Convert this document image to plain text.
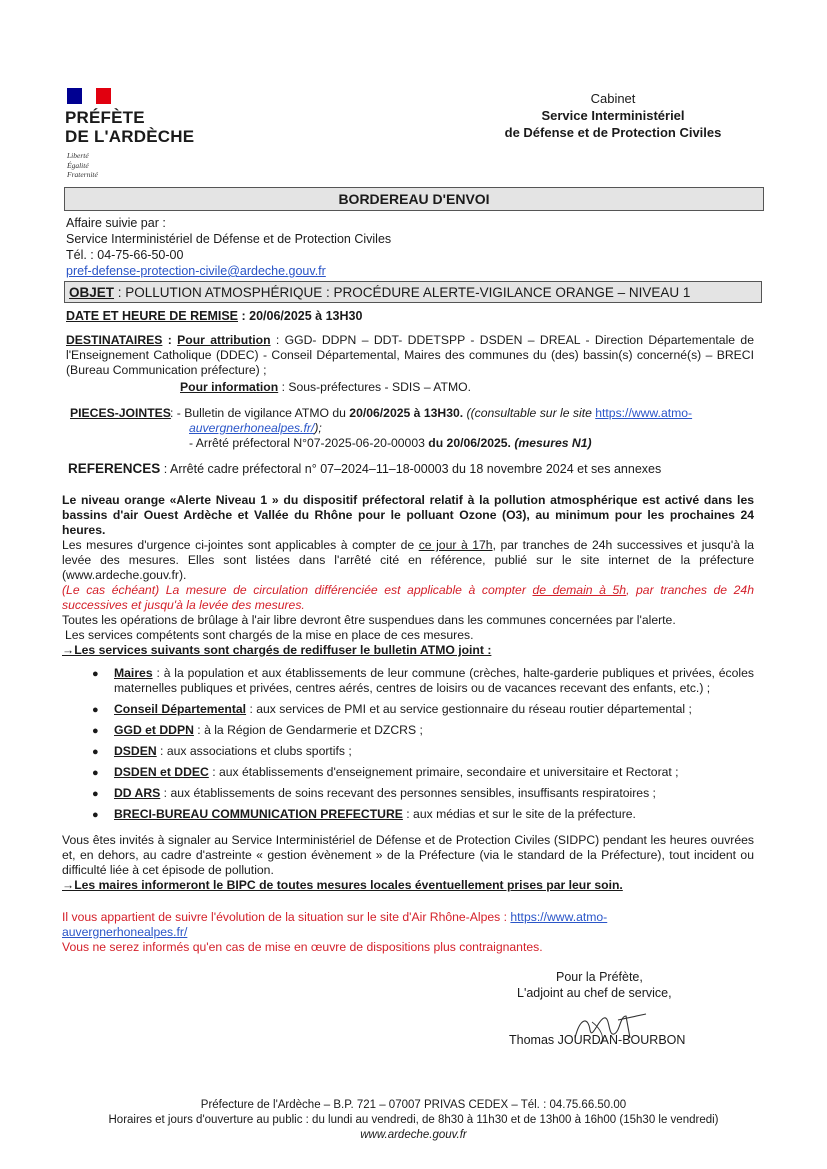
PRÉFÈTE
DE L'ARDÈCHE
Liberté
Égalité
Fraternité
Cabinet
Service Interministériel
de Défense et de Protection Civiles
BORDEREAU D'ENVOI
Affaire suivie par :
Service Interministériel de Défense et de Protection Civiles
Tél. : 04-75-66-50-00
pref-defense-protection-civile@ardeche.gouv.fr
OBJET : POLLUTION ATMOSPHÉRIQUE : PROCÉDURE ALERTE-VIGILANCE ORANGE – NIVEAU 1
DATE ET HEURE DE REMISE : 20/06/2025 à 13H30
DESTINATAIRES : Pour attribution : GGD- DDPN – DDT- DDETSPP - DSDEN – DREAL - Direction Départementale de l'Enseignement Catholique (DDEC) - Conseil Départemental, Maires des communes du (des) bassin(s) concerné(s) – BRECI (Bureau Communication préfecture) ;
Pour information : Sous-préfectures - SDIS – ATMO.
PIECES-JOINTES : - Bulletin de vigilance ATMO du 20/06/2025 à 13H30. ((consultable sur le site https://www.atmo-
auvergnerhonealpes.fr/);
- Arrêté préfectoral N°07-2025-06-20-00003 du 20/06/2025. (mesures N1)
REFERENCES : Arrêté cadre préfectoral n° 07–2024–11–18-00003 du 18 novembre 2024 et ses annexes
Le niveau orange «Alerte Niveau 1 » du dispositif préfectoral relatif à la pollution atmosphérique est activé dans les bassins d'air Ouest Ardèche et Vallée du Rhône pour le polluant Ozone (O3), au minimum pour les prochaines 24 heures.
Les mesures d'urgence ci-jointes sont applicables à compter de ce jour à 17h, par tranches de 24h successives et jusqu'à la levée des mesures. Elles sont listées dans l'arrêté cité en référence, publié sur le site internet de la préfecture (www.ardeche.gouv.fr).
(Le cas échéant) La mesure de circulation différenciée est applicable à compter de demain à 5h, par tranches de 24h successives et jusqu'à la levée des mesures.
Toutes les opérations de brûlage à l'air libre devront être suspendues dans les communes concernées par l'alerte.
Les services compétents sont chargés de la mise en place de ces mesures.
→Les services suivants sont chargés de rediffuser le bulletin ATMO joint :
● Maires : à la population et aux établissements de leur commune (crèches, halte-garderie publiques et privées, écoles maternelles publiques et privées, centres aérés, centres de loisirs ou de vacances recevant des enfants, etc.) ;
● Conseil Départemental : aux services de PMI et au service gestionnaire du réseau routier départemental ;
● GGD et DDPN : à la Région de Gendarmerie et DZCRS ;
● DSDEN : aux associations et clubs sportifs ;
● DSDEN et DDEC : aux établissements d'enseignement primaire, secondaire et universitaire et Rectorat ;
● DD ARS : aux établissements de soins recevant des personnes sensibles, insuffisants respiratoires ;
● BRECI-BUREAU COMMUNICATION PREFECTURE : aux médias et sur le site de la préfecture.
Vous êtes invités à signaler au Service Interministériel de Défense et de Protection Civiles (SIDPC) pendant les heures ouvrées et, en dehors, au cadre d'astreinte « gestion évènement » de la Préfecture (via le standard de la Préfecture), tout incident ou difficulté liée à cet épisode de pollution.
→Les maires informeront le BIPC de toutes mesures locales éventuellement prises par leur soin.
Il vous appartient de suivre l'évolution de la situation sur le site d'Air Rhône-Alpes : https://www.atmo-
auvergnerhonealpes.fr/
Vous ne serez informés qu'en cas de mise en œuvre de dispositions plus contraignantes.
Pour la Préfète,
L'adjoint au chef de service,
Thomas JOURDAN-BOURBON
Préfecture de l'Ardèche – B.P. 721 – 07007 PRIVAS CEDEX – Tél. : 04.75.66.50.00
Horaires et jours d'ouverture au public : du lundi au vendredi, de 8h30 à 11h30 et de 13h00 à 16h00 (15h30 le vendredi)
www.ardeche.gouv.fr
